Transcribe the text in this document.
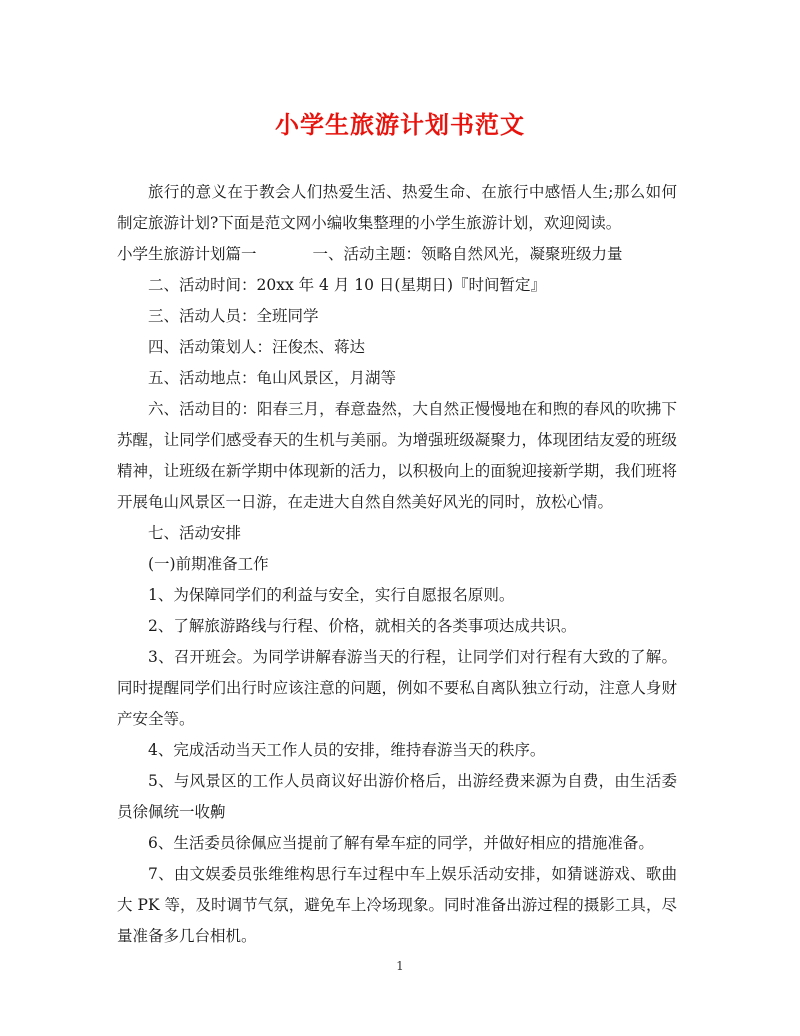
小学生旅游计划书范文

旅行的意义在于教会人们热爱生活、热爱生命、在旅行中感悟人生;那么如何制定旅游计划?下面是范文网小编收集整理的小学生旅游计划，欢迎阅读。

小学生旅游计划篇一	一、活动主题：领略自然风光，凝聚班级力量

二、活动时间：20xx 年 4 月 10 日(星期日)『时间暂定』

三、活动人员：全班同学

四、活动策划人：汪俊杰、蒋达

五、活动地点：龟山风景区，月湖等

六、活动目的：阳春三月，春意盎然，大自然正慢慢地在和煦的春风的吹拂下苏醒，让同学们感受春天的生机与美丽。为增强班级凝聚力，体现团结友爱的班级精神，让班级在新学期中体现新的活力，以积极向上的面貌迎接新学期，我们班将开展龟山风景区一日游，在走进大自然自然美好风光的同时，放松心情。

七、活动安排

(一)前期准备工作

1、为保障同学们的利益与安全，实行自愿报名原则。

2、了解旅游路线与行程、价格，就相关的各类事项达成共识。

3、召开班会。为同学讲解春游当天的行程，让同学们对行程有大致的了解。同时提醒同学们出行时应该注意的问题，例如不要私自离队独立行动，注意人身财产安全等。

4、完成活动当天工作人员的安排，维持春游当天的秩序。

5、与风景区的工作人员商议好出游价格后，出游经费来源为自费，由生活委员徐佩统一收齁

6、生活委员徐佩应当提前了解有晕车症的同学，并做好相应的措施准备。

7、由文娱委员张维维构思行车过程中车上娱乐活动安排，如猜谜游戏、歌曲大 PK 等，及时调节气氛，避免车上冷场现象。同时准备出游过程的摄影工具，尽量准备多几台相机。

1
